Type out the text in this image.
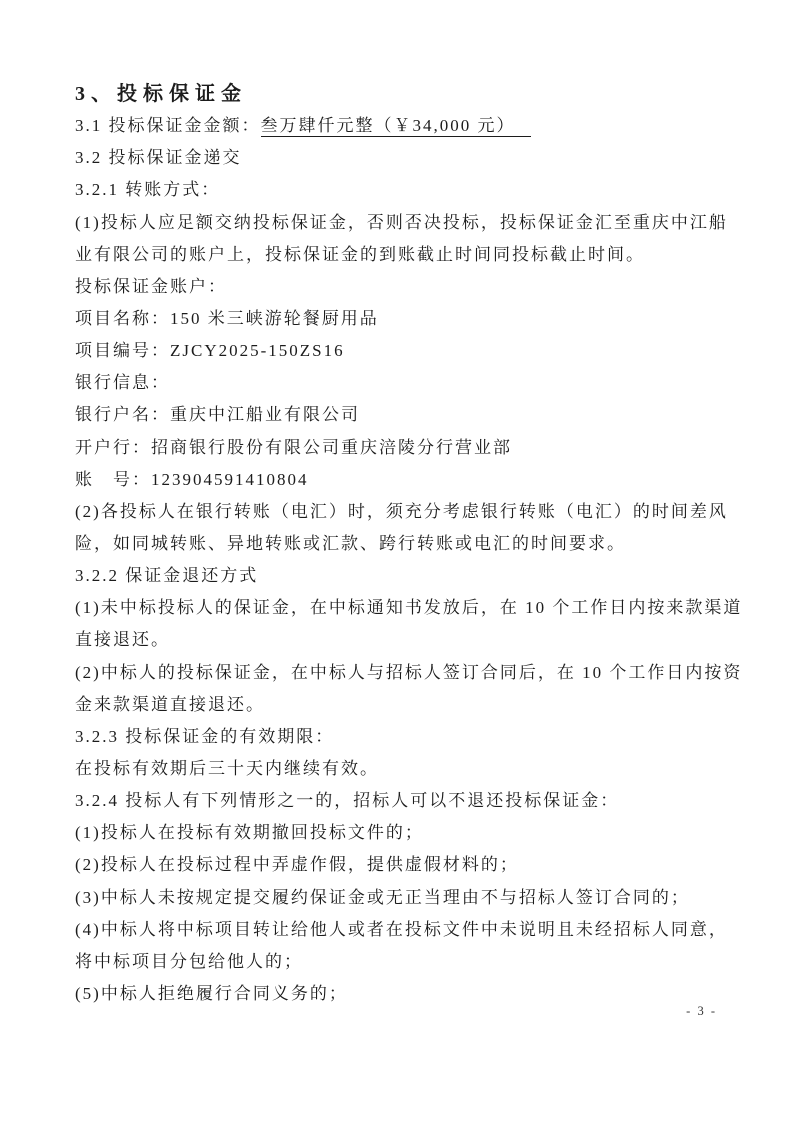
3、投标保证金
3.1 投标保证金金额：叁万肆仟元整（￥34,000 元）
3.2 投标保证金递交
3.2.1 转账方式：
(1)投标人应足额交纳投标保证金，否则否决投标，投标保证金汇至重庆中江船
业有限公司的账户上，投标保证金的到账截止时间同投标截止时间。
投标保证金账户：
项目名称：150 米三峡游轮餐厨用品
项目编号：ZJCY2025-150ZS16
银行信息：
银行户名：重庆中江船业有限公司
开户行：招商银行股份有限公司重庆涪陵分行营业部
账　号：123904591410804
(2)各投标人在银行转账（电汇）时，须充分考虑银行转账（电汇）的时间差风
险，如同城转账、异地转账或汇款、跨行转账或电汇的时间要求。
3.2.2 保证金退还方式
(1)未中标投标人的保证金，在中标通知书发放后，在 10 个工作日内按来款渠道
直接退还。
(2)中标人的投标保证金，在中标人与招标人签订合同后，在 10 个工作日内按资
金来款渠道直接退还。
3.2.3 投标保证金的有效期限：
在投标有效期后三十天内继续有效。
3.2.4 投标人有下列情形之一的，招标人可以不退还投标保证金：
(1)投标人在投标有效期撤回投标文件的；
(2)投标人在投标过程中弄虚作假，提供虚假材料的；
(3)中标人未按规定提交履约保证金或无正当理由不与招标人签订合同的；
(4)中标人将中标项目转让给他人或者在投标文件中未说明且未经招标人同意，
将中标项目分包给他人的；
(5)中标人拒绝履行合同义务的；
- 3 -
